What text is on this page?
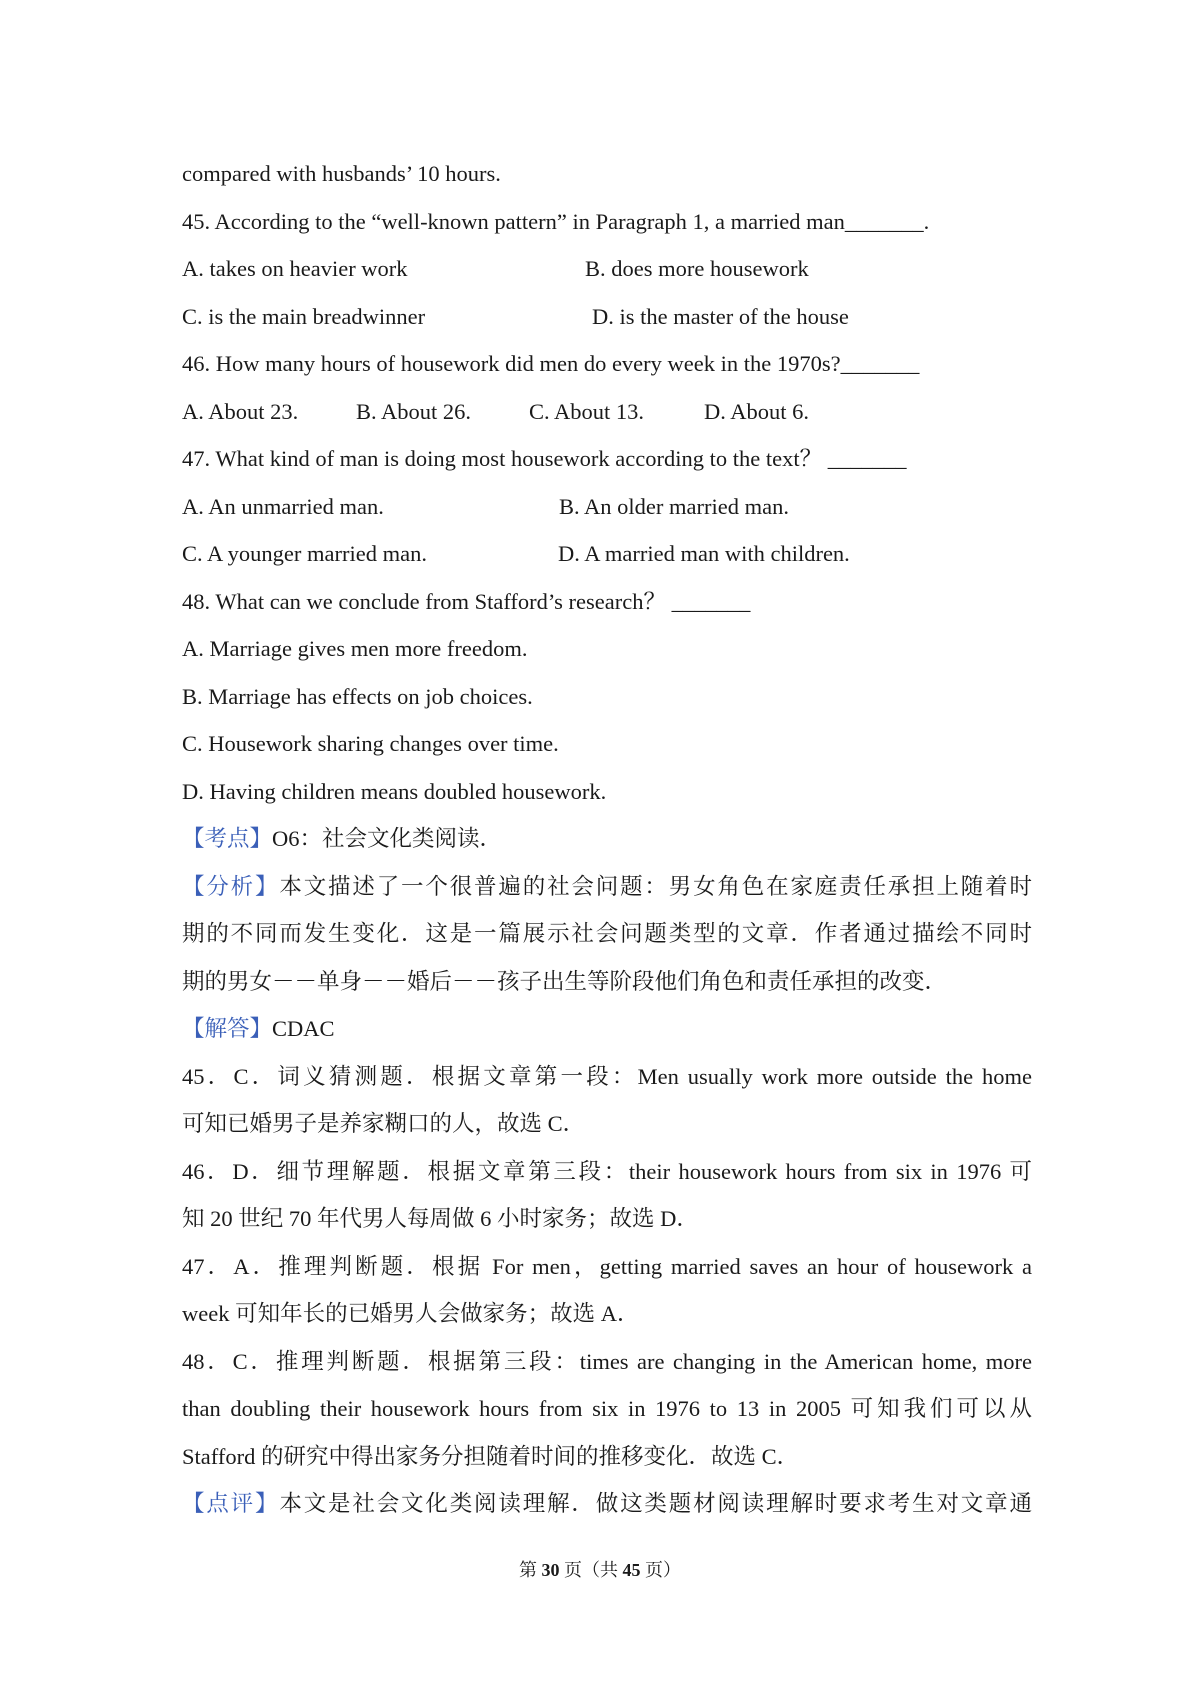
compared with husbands’ 10 hours.

45. According to the “well-known pattern” in Paragraph 1, a married man_______.

A. takes on heavier work	B. does more housework
C. is the main breadwinner	D. is the master of the house

46. How many hours of housework did men do every week in the 1970s?_______

A. About 23.	B. About 26.	C. About 13.	D. About 6.

47. What kind of man is doing most housework according to the text？ _______

A. An unmarried man.	B. An older married man.
C. A younger married man.	D. A married man with children.

48. What can we conclude from Stafford’s research？ _______

A. Marriage gives men more freedom.

B. Marriage has effects on job choices.

C. Housework sharing changes over time.

D. Having children means doubled housework.

【考点】O6：社会文化类阅读．

【分析】本文描述了一个很普遍的社会问题：男女角色在家庭责任承担上随着时

期的不同而发生变化．这是一篇展示社会问题类型的文章．作者通过描绘不同时

期的男女－－单身－－婚后－－孩子出生等阶段他们角色和责任承担的改变．

【解答】CDAC

45．C．词义猜测题．根据文章第一段：Men usually work more outside the home

可知已婚男子是养家糊口的人，故选 C．

46．D．细节理解题．根据文章第三段：their housework hours from six in 1976 可

知 20 世纪 70 年代男人每周做 6 小时家务；故选 D．

47．A．推理判断题．根据 For men，getting married saves an hour of housework a

week 可知年长的已婚男人会做家务；故选 A．

48．C．推理判断题．根据第三段：times are changing in the American home, more

than doubling their housework hours from six in 1976 to 13 in 2005 可知我们可以从

Stafford 的研究中得出家务分担随着时间的推移变化．故选 C．

【点评】本文是社会文化类阅读理解．做这类题材阅读理解时要求考生对文章通

第 30 页（共 45 页）
